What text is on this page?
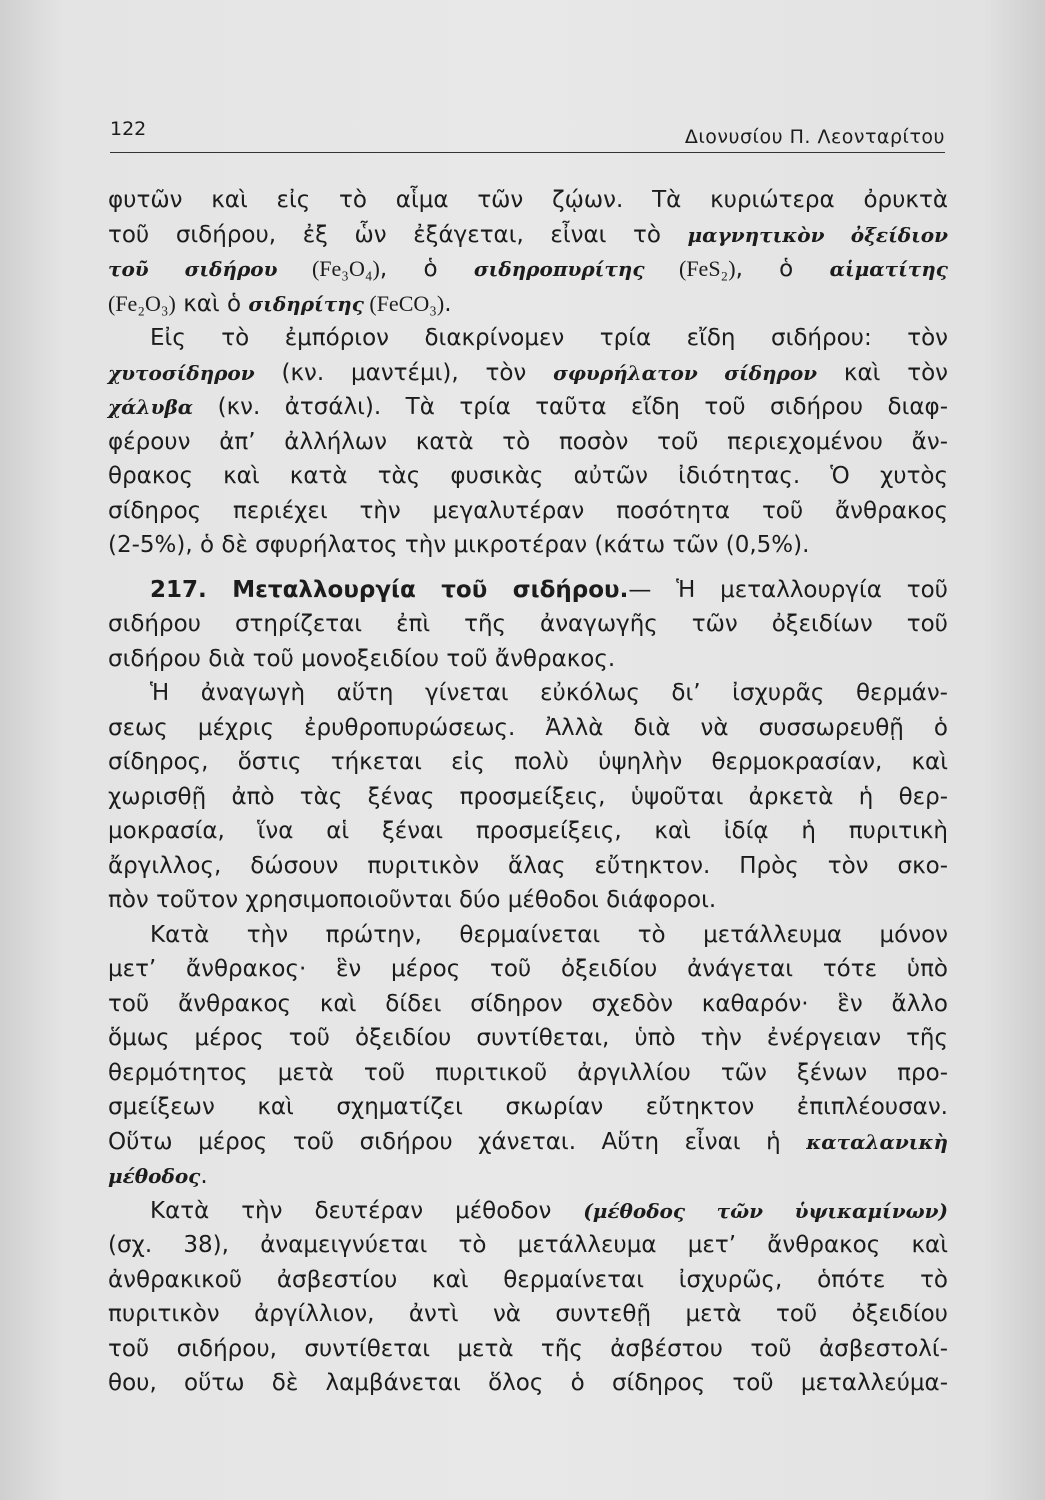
122	Διονυσίου Π. Λεονταρίτου
φυτῶν καὶ εἰς τὸ αἷμα τῶν ζῴων. Τὰ κυριώτερα ὀρυκτὰ
τοῦ σιδήρου, ἐξ ὧν ἐξάγεται, εἶναι τὸ μαγνητικὸν ὀξείδιον
τοῦ σιδήρου (Fe₃O₄), ὁ σιδηροπυρίτης (FeS₂), ὁ αἱματίτης
(Fe₂O₃) καὶ ὁ σιδηρίτης (FeCO₃).
Εἰς τὸ ἐμπόριον διακρίνομεν τρία εἴδη σιδήρου: τὸν
χυτοσίδηρον (κν. μαντέμι), τὸν σφυρήλατον σίδηρον καὶ τὸν
χάλυβα (κν. ἀτσάλι). Τὰ τρία ταῦτα εἴδη τοῦ σιδήρου διαφ-
φέρουν ἀπ’ ἀλλήλων κατὰ τὸ ποσὸν τοῦ περιεχομένου ἄν-
θρακος καὶ κατὰ τὰς φυσικὰς αὐτῶν ἰδιότητας. Ὁ χυτὸς
σίδηρος περιέχει τὴν μεγαλυτέραν ποσότητα τοῦ ἄνθρακος
(2-5%), ὁ δὲ σφυρήλατος τὴν μικροτέραν (κάτω τῶν (0,5%).
217. Μεταλλουργία τοῦ σιδήρου.— Ἡ μεταλλουργία τοῦ
σιδήρου στηρίζεται ἐπὶ τῆς ἀναγωγῆς τῶν ὀξειδίων τοῦ
σιδήρου διὰ τοῦ μονοξειδίου τοῦ ἄνθρακος.
Ἡ ἀναγωγὴ αὕτη γίνεται εὐκόλως δι’ ἰσχυρᾶς θερμάν-
σεως μέχρις ἐρυθροπυρώσεως. Ἀλλὰ διὰ νὰ συσσωρευθῇ ὁ
σίδηρος, ὅστις τήκεται εἰς πολὺ ὑψηλὴν θερμοκρασίαν, καὶ
χωρισθῇ ἀπὸ τὰς ξένας προσμείξεις, ὑψοῦται ἀρκετὰ ἡ θερ-
μοκρασία, ἵνα αἱ ξέναι προσμείξεις, καὶ ἰδίᾳ ἡ πυριτικὴ
ἄργιλλος, δώσουν πυριτικὸν ἅλας εὔτηκτον. Πρὸς τὸν σκο-
πὸν τοῦτον χρησιμοποιοῦνται δύο μέθοδοι διάφοροι.
Κατὰ τὴν πρώτην, θερμαίνεται τὸ μετάλλευμα μόνον
μετ’ ἄνθρακος· ἓν μέρος τοῦ ὀξειδίου ἀνάγεται τότε ὑπὸ
τοῦ ἄνθρακος καὶ δίδει σίδηρον σχεδὸν καθαρόν· ἓν ἄλλο
ὅμως μέρος τοῦ ὀξειδίου συντίθεται, ὑπὸ τὴν ἐνέργειαν τῆς
θερμότητος μετὰ τοῦ πυριτικοῦ ἀργιλλίου τῶν ξένων προ-
σμείξεων καὶ σχηματίζει σκωρίαν εὔτηκτον ἐπιπλέουσαν.
Οὕτω μέρος τοῦ σιδήρου χάνεται. Αὕτη εἶναι ἡ καταλανικὴ
μέθοδος.
Κατὰ τὴν δευτέραν μέθοδον (μέθοδος τῶν ὑψικαμίνων)
(σχ. 38), ἀναμειγνύεται τὸ μετάλλευμα μετ’ ἄνθρακος καὶ
ἀνθρακικοῦ ἀσβεστίου καὶ θερμαίνεται ἰσχυρῶς, ὁπότε τὸ
πυριτικὸν ἀργίλλιον, ἀντὶ νὰ συντεθῇ μετὰ τοῦ ὀξειδίου
τοῦ σιδήρου, συντίθεται μετὰ τῆς ἀσβέστου τοῦ ἀσβεστολί-
θου, οὕτω δὲ λαμβάνεται ὅλος ὁ σίδηρος τοῦ μεταλλεύμα-
